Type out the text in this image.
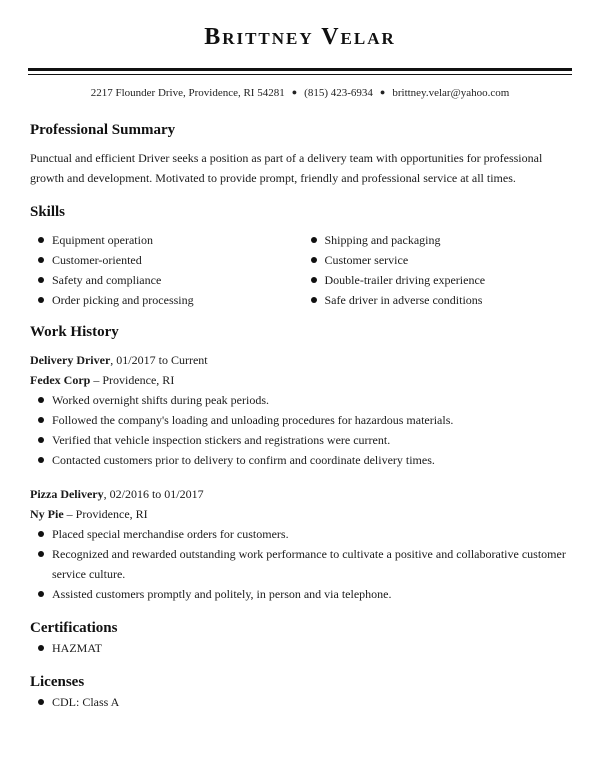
Brittney Velar
2217 Flounder Drive, Providence, RI 54281 ● (815) 423-6934 ● brittney.velar@yahoo.com
Professional Summary

Punctual and efficient Driver seeks a position as part of a delivery team with opportunities for professional growth and development. Motivated to provide prompt, friendly and professional service at all times.

Skills
Equipment operation
Customer-oriented
Safety and compliance
Order picking and processing
Shipping and packaging
Customer service
Double-trailer driving experience
Safe driver in adverse conditions
Work History
Delivery Driver, 01/2017 to Current
Fedex Corp – Providence, RI
Worked overnight shifts during peak periods.
Followed the company's loading and unloading procedures for hazardous materials.
Verified that vehicle inspection stickers and registrations were current.
Contacted customers prior to delivery to confirm and coordinate delivery times.
Pizza Delivery, 02/2016 to 01/2017
Ny Pie – Providence, RI
Placed special merchandise orders for customers.
Recognized and rewarded outstanding work performance to cultivate a positive and collaborative customer service culture.
Assisted customers promptly and politely, in person and via telephone.
Certifications
HAZMAT
Licenses
CDL: Class A
